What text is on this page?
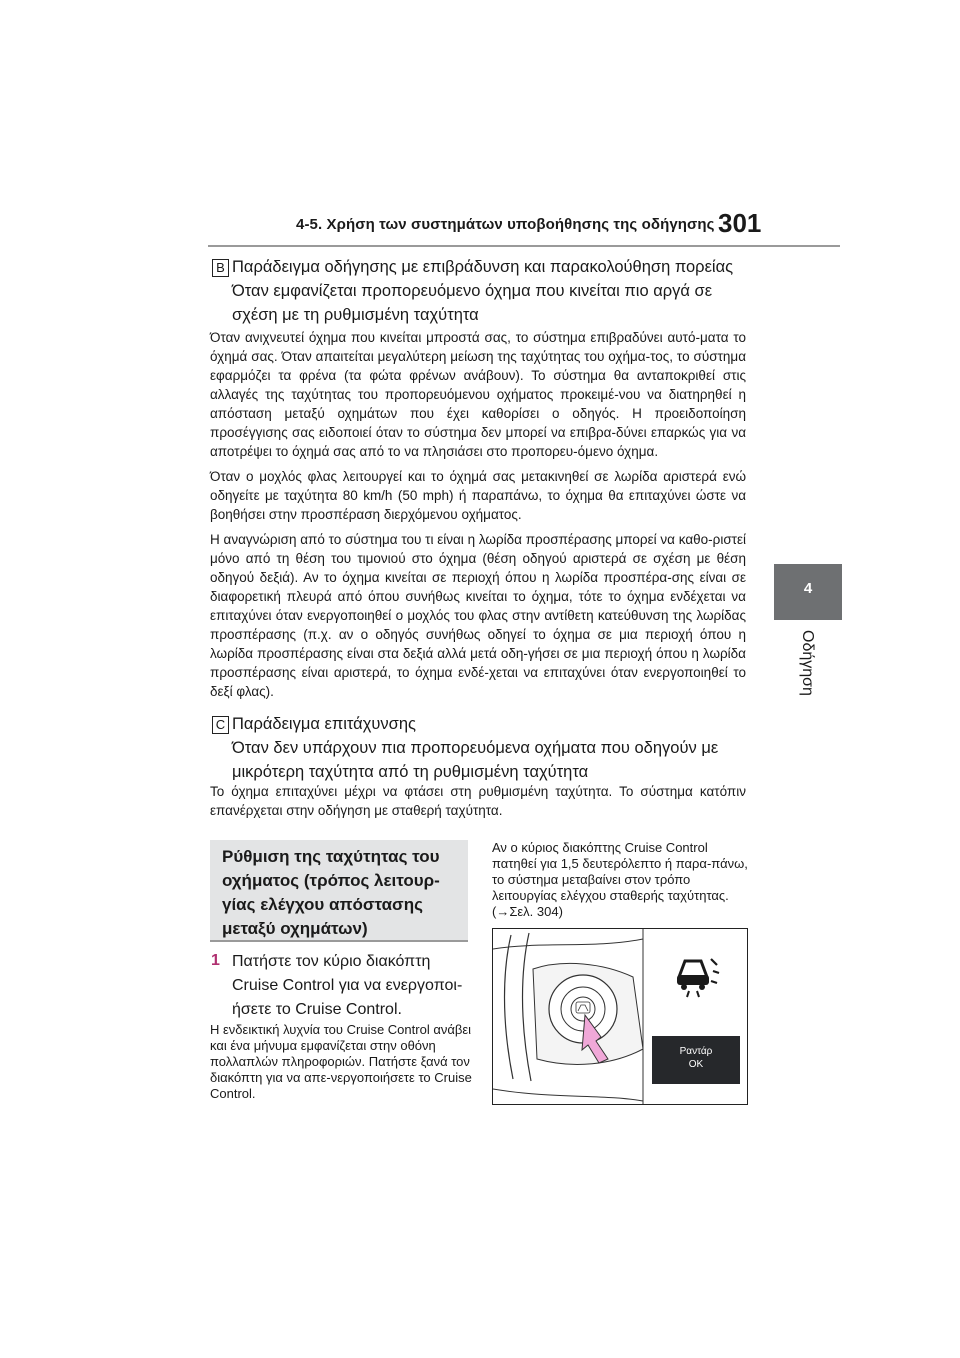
4-5. Χρήση των συστημάτων υποβοήθησης της οδήγησης 301
4
Οδήγηση
B Παράδειγμα οδήγησης με επιβράδυνση και παρακολούθηση πορείας
Όταν εμφανίζεται προπορευόμενο όχημα που κινείται πιο αργά σε
σχέση με τη ρυθμισμένη ταχύτητα

Όταν ανιχνευτεί όχημα που κινείται μπροστά σας, το σύστημα επιβραδύνει αυτό-ματα το όχημά σας. Όταν απαιτείται μεγαλύτερη μείωση της ταχύτητας του οχήμα-τος, το σύστημα εφαρμόζει τα φρένα (τα φώτα φρένων ανάβουν). Το σύστημα θα ανταποκριθεί στις αλλαγές της ταχύτητας του προπορευόμενου οχήματος προκειμέ-νου να διατηρηθεί η απόσταση μεταξύ οχημάτων που έχει καθορίσει ο οδηγός. Η προειδοποίηση προσέγγισης σας ειδοποιεί όταν το σύστημα δεν μπορεί να επιβρα-δύνει επαρκώς για να αποτρέψει το όχημά σας από το να πλησιάσει στο προπορευ-όμενο όχημα.

Όταν ο μοχλός φλας λειτουργεί και το όχημά σας μετακινηθεί σε λωρίδα αριστερά ενώ οδηγείτε με ταχύτητα 80 km/h (50 mph) ή παραπάνω, το όχημα θα επιταχύνει ώστε να βοηθήσει στην προσπέραση διερχόμενου οχήματος.

Η αναγνώριση από το σύστημα του τι είναι η λωρίδα προσπέρασης μπορεί να καθο-ριστεί μόνο από τη θέση του τιμονιού στο όχημα (θέση οδηγού αριστερά σε σχέση με θέση οδηγού δεξιά). Αν το όχημα κινείται σε περιοχή όπου η λωρίδα προσπέρα-σης είναι σε διαφορετική πλευρά από όπου συνήθως κινείται το όχημα, τότε το όχημα ενδέχεται να επιταχύνει όταν ενεργοποιηθεί ο μοχλός του φλας στην αντίθετη κατεύθυνση της λωρίδας προσπέρασης (π.χ. αν ο οδηγός συνήθως οδηγεί το όχημα σε μια περιοχή όπου η λωρίδα προσπέρασης είναι στα δεξιά αλλά μετά οδη-γήσει σε μια περιοχή όπου η λωρίδα προσπέρασης είναι αριστερά, το όχημα ενδέ-χεται να επιταχύνει όταν ενεργοποιηθεί το δεξί φλας).

C Παράδειγμα επιτάχυνσης
Όταν δεν υπάρχουν πια προπορευόμενα οχήματα που οδηγούν με
μικρότερη ταχύτητα από τη ρυθμισμένη ταχύτητα

Το όχημα επιταχύνει μέχρι να φτάσει στη ρυθμισμένη ταχύτητα. Το σύστημα κατόπιν επανέρχεται στην οδήγηση με σταθερή ταχύτητα.

Ρύθμιση της ταχύτητας του
οχήματος (τρόπος λειτουρ-
γίας ελέγχου απόστασης
μεταξύ οχημάτων)
1 Πατήστε τον κύριο διακόπτη
Cruise Control για να ενεργοποι-
ήσετε το Cruise Control.
Η ενδεικτική λυχνία του Cruise Control ανάβει και ένα μήνυμα εμφανίζεται στην οθόνη πολλαπλών πληροφοριών. Πατήστε ξανά τον διακόπτη για να απε-νεργοποιήσετε το Cruise Control.
Αν ο κύριος διακόπτης Cruise Control πατηθεί για 1,5 δευτερόλεπτο ή παρα-πάνω, το σύστημα μεταβαίνει στον τρόπο λειτουργίας ελέγχου σταθερής ταχύτητας. (→Σελ. 304)
Ραντάρ
OK
